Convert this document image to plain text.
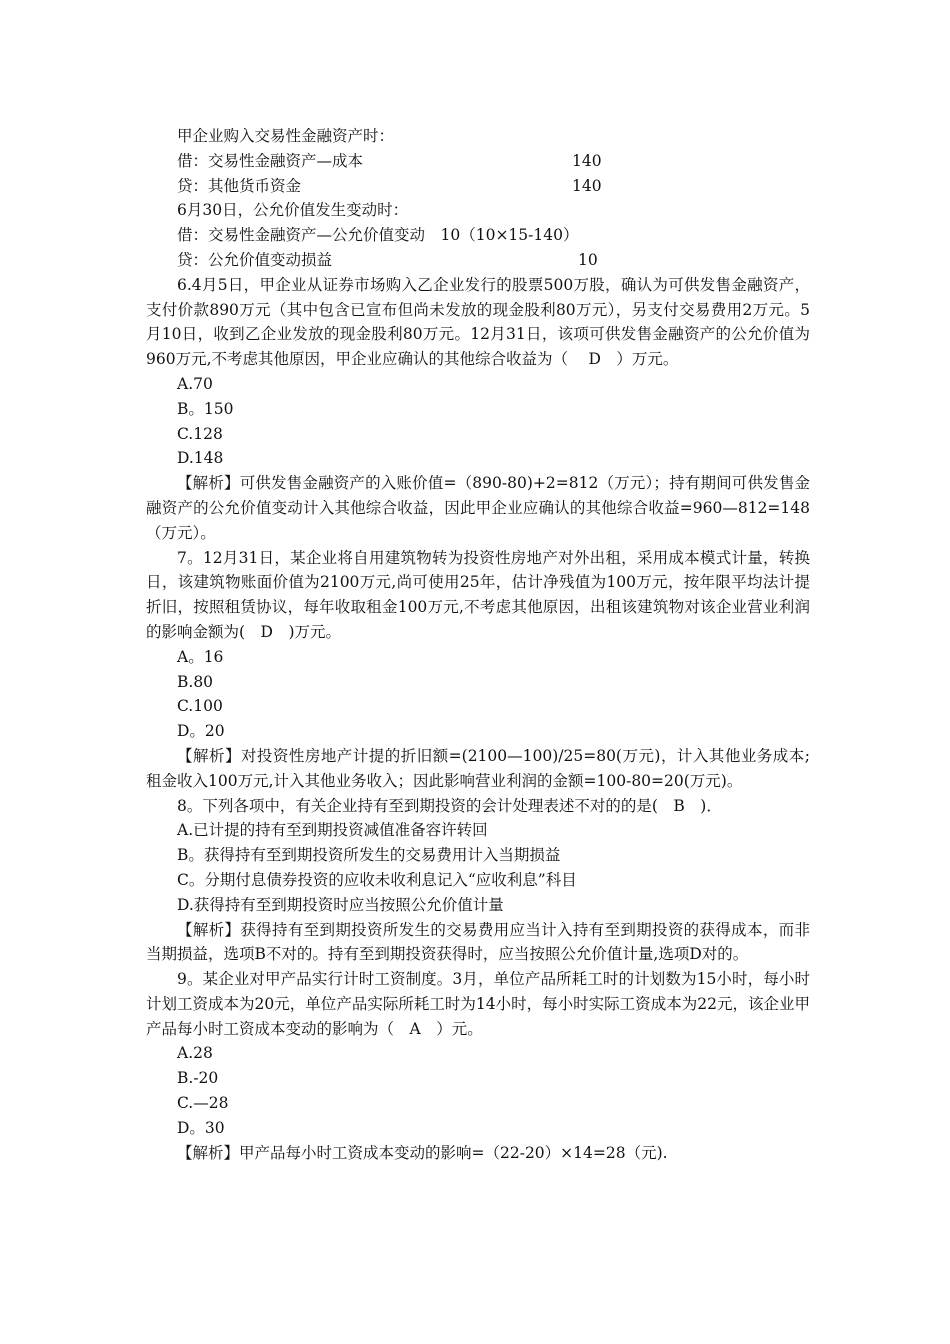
甲企业购入交易性金融资产时：

借：交易性金融资产—成本	140

贷：其他货币资金	140

6月30日，公允价值发生变动时：

借：交易性金融资产—公允价值变动　10（10×15-140）

贷：公允价值变动损益	10

6.4月5日，甲企业从证券市场购入乙企业发行的股票500万股，确认为可供发售金融资产，支付价款890万元（其中包含已宣布但尚未发放的现金股利80万元），另支付交易费用2万元。5月10日，收到乙企业发放的现金股利80万元。12月31日，该项可供发售金融资产的公允价值为960万元,不考虑其他原因，甲企业应确认的其他综合收益为（　 D　）万元。

A.70

B。150

C.128

D.148

【解析】可供发售金融资产的入账价值=（890-80)+2=812（万元）；持有期间可供发售金融资产的公允价值变动计入其他综合收益，因此甲企业应确认的其他综合收益=960—812=148（万元）。

7。12月31日，某企业将自用建筑物转为投资性房地产对外出租，采用成本模式计量，转换日，该建筑物账面价值为2100万元,尚可使用25年，估计净残值为100万元，按年限平均法计提折旧，按照租赁协议，每年收取租金100万元,不考虑其他原因，出租该建筑物对该企业营业利润的影响金额为(　D　)万元。

A。16

B.80

C.100

D。20

【解析】对投资性房地产计提的折旧额=(2100—100)/25=80(万元)，计入其他业务成本;租金收入100万元,计入其他业务收入；因此影响营业利润的金额=100-80=20(万元)。

8。下列各项中，有关企业持有至到期投资的会计处理表述不对的的是(　B　)．

A.已计提的持有至到期投资减值准备容许转回

B。获得持有至到期投资所发生的交易费用计入当期损益

C。分期付息债券投资的应收未收利息记入“应收利息”科目

D.获得持有至到期投资时应当按照公允价值计量

【解析】获得持有至到期投资所发生的交易费用应当计入持有至到期投资的获得成本，而非当期损益，选项B不对的。持有至到期投资获得时，应当按照公允价值计量,选项D对的。

9。某企业对甲产品实行计时工资制度。3月，单位产品所耗工时的计划数为15小时，每小时计划工资成本为20元，单位产品实际所耗工时为14小时，每小时实际工资成本为22元，该企业甲产品每小时工资成本变动的影响为（　A　）元。

A.28

B.-20

C.—28

D。30

【解析】甲产品每小时工资成本变动的影响=（22-20）×14=28（元).
